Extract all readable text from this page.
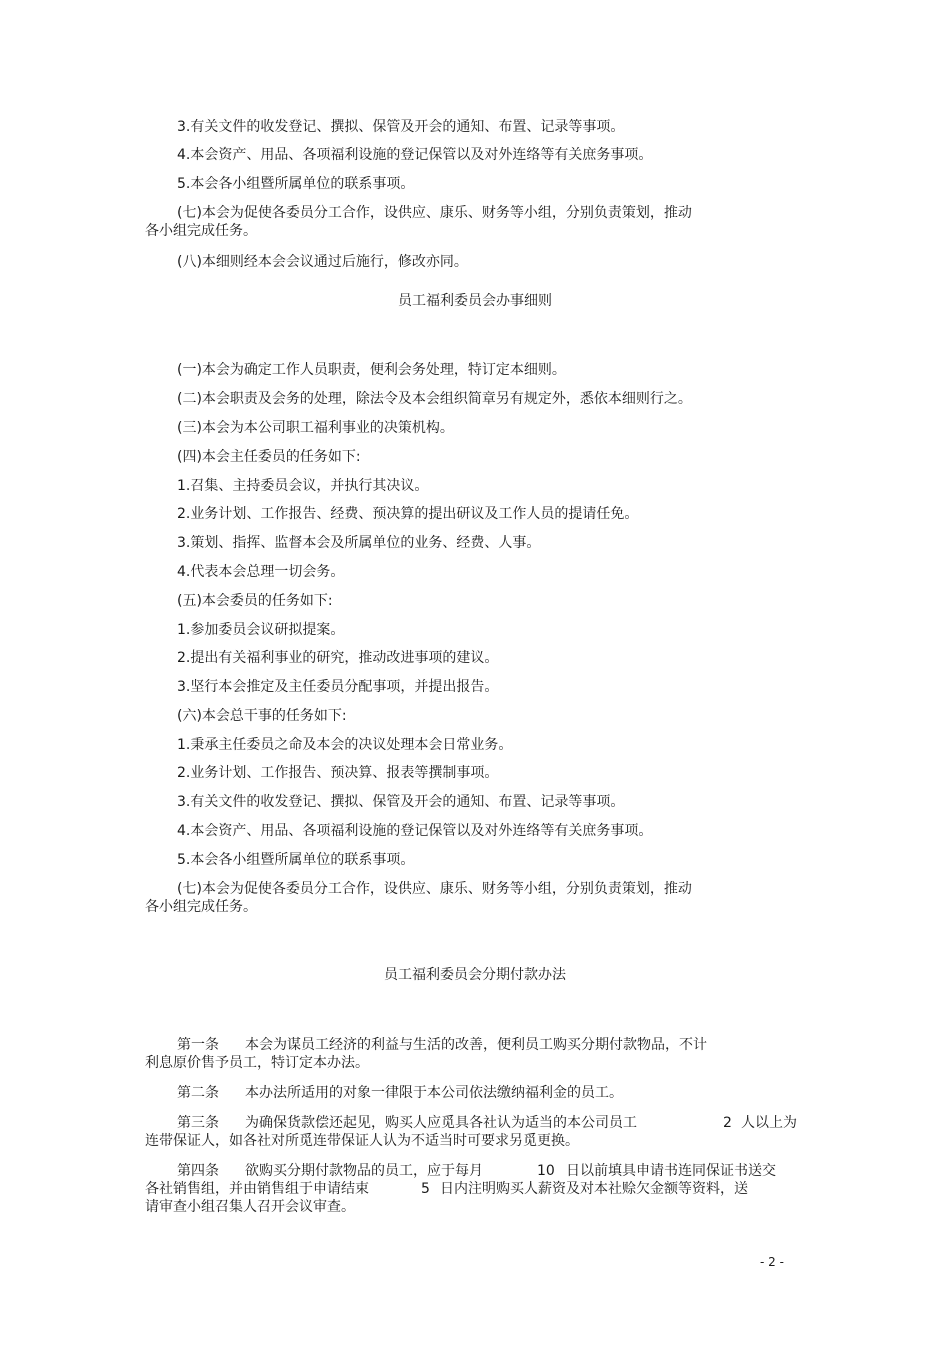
3.有关文件的收发登记、撰拟、保管及开会的通知、布置、记录等事项。

4.本会资产、用品、各项福利设施的登记保管以及对外连络等有关庶务事项。

5.本会各小组暨所属单位的联系事项。

(七)本会为促使各委员分工合作，设供应、康乐、财务等小组，分别负责策划，推动

各小组完成任务。

(八)本细则经本会会议通过后施行，修改亦同。

员工福利委员会办事细则

(一)本会为确定工作人员职责，便利会务处理，特订定本细则。

(二)本会职责及会务的处理，除法令及本会组织简章另有规定外，悉依本细则行之。

(三)本会为本公司职工福利事业的决策机构。

(四)本会主任委员的任务如下:

1.召集、主持委员会议，并执行其决议。

2.业务计划、工作报告、经费、预决算的提出研议及工作人员的提请任免。

3.策划、指挥、监督本会及所属单位的业务、经费、人事。

4.代表本会总理一切会务。

(五)本会委员的任务如下:

1.参加委员会议研拟提案。

2.提出有关福利事业的研究，推动改进事项的建议。

3.坚行本会推定及主任委员分配事项，并提出报告。

(六)本会总干事的任务如下:

1.秉承主任委员之命及本会的决议处理本会日常业务。

2.业务计划、工作报告、预决算、报表等撰制事项。

3.有关文件的收发登记、撰拟、保管及开会的通知、布置、记录等事项。

4.本会资产、用品、各项福利设施的登记保管以及对外连络等有关庶务事项。

5.本会各小组暨所属单位的联系事项。

(七)本会为促使各委员分工合作，设供应、康乐、财务等小组，分别负责策划，推动

各小组完成任务。

员工福利委员会分期付款办法

第一条 本会为谋员工经济的利益与生活的改善，便利员工购买分期付款物品，不计

利息原价售予员工，特订定本办法。

第二条 本办法所适用的对象一律限于本公司依法缴纳福利金的员工。

第三条 为确保货款偿还起见，购买人应觅具各社认为适当的本公司员工	2 人以上为

连带保证人，如各社对所觅连带保证人认为不适当时可要求另觅更换。

第四条 欲购买分期付款物品的员工，应于每月	10 日以前填具申请书连同保证书送交

各社销售组，并由销售组于申请结束	5 日内注明购买人薪资及对本社赊欠金额等资料，送

请审查小组召集人召开会议审查。

- 2 -
